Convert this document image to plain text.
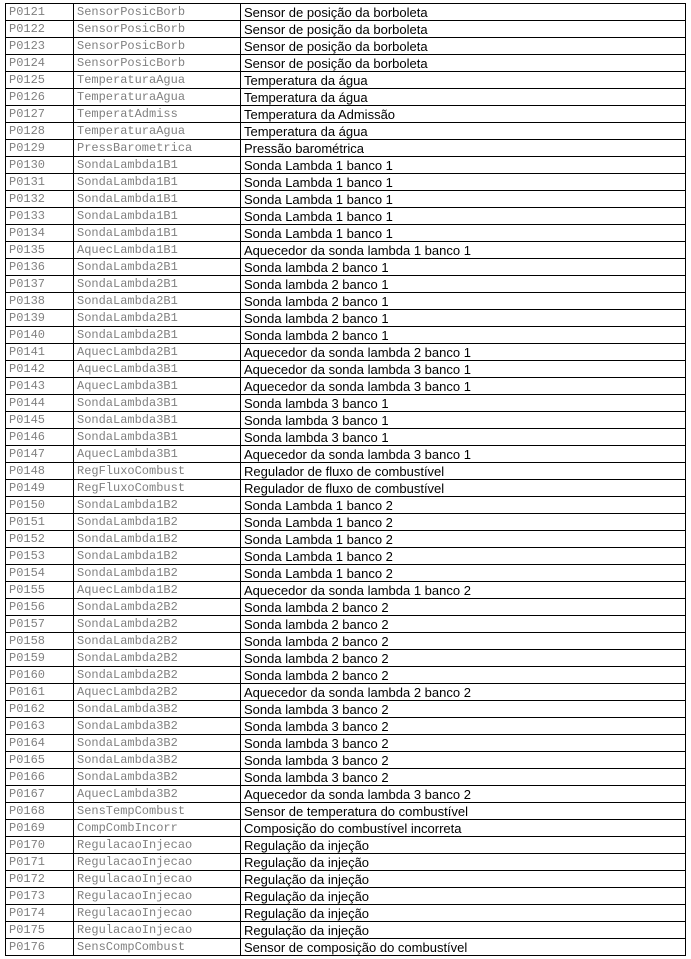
P0121	SensorPosicBorb	Sensor de posição da borboleta
P0122	SensorPosicBorb	Sensor de posição da borboleta
P0123	SensorPosicBorb	Sensor de posição da borboleta
P0124	SensorPosicBorb	Sensor de posição da borboleta
P0125	TemperaturaAgua	Temperatura da água
P0126	TemperaturaAgua	Temperatura da água
P0127	TemperatAdmiss	Temperatura da Admissão
P0128	TemperaturaAgua	Temperatura da água
P0129	PressBarometrica	Pressão barométrica
P0130	SondaLambda1B1	Sonda Lambda 1 banco 1
P0131	SondaLambda1B1	Sonda Lambda 1 banco 1
P0132	SondaLambda1B1	Sonda Lambda 1 banco 1
P0133	SondaLambda1B1	Sonda Lambda 1 banco 1
P0134	SondaLambda1B1	Sonda Lambda 1 banco 1
P0135	AquecLambda1B1	Aquecedor da sonda lambda 1 banco 1
P0136	SondaLambda2B1	Sonda lambda 2 banco 1
P0137	SondaLambda2B1	Sonda lambda 2 banco 1
P0138	SondaLambda2B1	Sonda lambda 2 banco 1
P0139	SondaLambda2B1	Sonda lambda 2 banco 1
P0140	SondaLambda2B1	Sonda lambda 2 banco 1
P0141	AquecLambda2B1	Aquecedor da sonda lambda 2 banco 1
P0142	AquecLambda3B1	Aquecedor da sonda lambda 3 banco 1
P0143	AquecLambda3B1	Aquecedor da sonda lambda 3 banco 1
P0144	SondaLambda3B1	Sonda lambda 3 banco 1
P0145	SondaLambda3B1	Sonda lambda 3 banco 1
P0146	SondaLambda3B1	Sonda lambda 3 banco 1
P0147	AquecLambda3B1	Aquecedor da sonda lambda 3 banco 1
P0148	RegFluxoCombust	Regulador de fluxo de combustível
P0149	RegFluxoCombust	Regulador de fluxo de combustível
P0150	SondaLambda1B2	Sonda Lambda 1 banco 2
P0151	SondaLambda1B2	Sonda Lambda 1 banco 2
P0152	SondaLambda1B2	Sonda Lambda 1 banco 2
P0153	SondaLambda1B2	Sonda Lambda 1 banco 2
P0154	SondaLambda1B2	Sonda Lambda 1 banco 2
P0155	AquecLambda1B2	Aquecedor da sonda lambda 1 banco 2
P0156	SondaLambda2B2	Sonda lambda 2 banco 2
P0157	SondaLambda2B2	Sonda lambda 2 banco 2
P0158	SondaLambda2B2	Sonda lambda 2 banco 2
P0159	SondaLambda2B2	Sonda lambda 2 banco 2
P0160	SondaLambda2B2	Sonda lambda 2 banco 2
P0161	AquecLambda2B2	Aquecedor da sonda lambda 2 banco 2
P0162	SondaLambda3B2	Sonda lambda 3 banco 2
P0163	SondaLambda3B2	Sonda lambda 3 banco 2
P0164	SondaLambda3B2	Sonda lambda 3 banco 2
P0165	SondaLambda3B2	Sonda lambda 3 banco 2
P0166	SondaLambda3B2	Sonda lambda 3 banco 2
P0167	AquecLambda3B2	Aquecedor da sonda lambda 3 banco 2
P0168	SensTempCombust	Sensor de temperatura do combustível
P0169	CompCombIncorr	Composição do combustível incorreta
P0170	RegulacaoInjecao	Regulação da injeção
P0171	RegulacaoInjecao	Regulação da injeção
P0172	RegulacaoInjecao	Regulação da injeção
P0173	RegulacaoInjecao	Regulação da injeção
P0174	RegulacaoInjecao	Regulação da injeção
P0175	RegulacaoInjecao	Regulação da injeção
P0176	SensCompCombust	Sensor de composição do combustível
